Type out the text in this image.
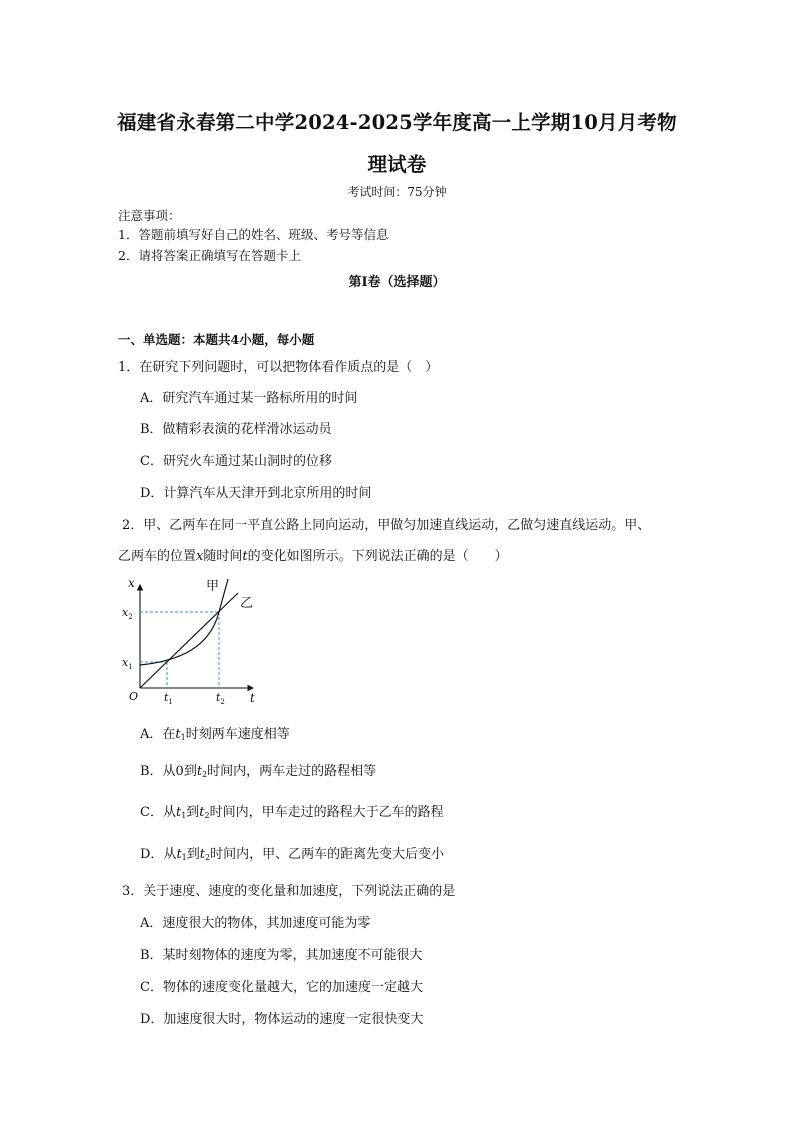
福建省永春第二中学2024-2025学年度高一上学期10月月考物
理试卷
考试时间：75分钟
注意事项：
1．答题前填写好自己的姓名、班级、考号等信息
2．请将答案正确填写在答题卡上
第I卷（选择题）
一、单选题：本题共4小题，每小题
1．在研究下列问题时，可以把物体看作质点的是（　）
A．研究汽车通过某一路标所用的时间
B．做精彩表演的花样滑冰运动员
C．研究火车通过某山洞时的位移
D．计算汽车从天津开到北京所用的时间
2．甲、乙两车在同一平直公路上同向运动，甲做匀加速直线运动，乙做匀速直线运动。甲、
乙两车的位置x随时间t的变化如图所示。下列说法正确的是（　　）
x
t
O
甲
乙
$x_2$
$x_1$
$t_1$	$t_2$
A．在$t_1$时刻两车速度相等
B．从0到$t_2$时间内，两车走过的路程相等
C．从$t_1$到$t_2$时间内，甲车走过的路程大于乙车的路程
D．从$t_1$到$t_2$时间内，甲、乙两车的距离先变大后变小
3．关于速度、速度的变化量和加速度，下列说法正确的是
A．速度很大的物体，其加速度可能为零
B．某时刻物体的速度为零，其加速度不可能很大
C．物体的速度变化量越大，它的加速度一定越大
D．加速度很大时，物体运动的速度一定很快变大
